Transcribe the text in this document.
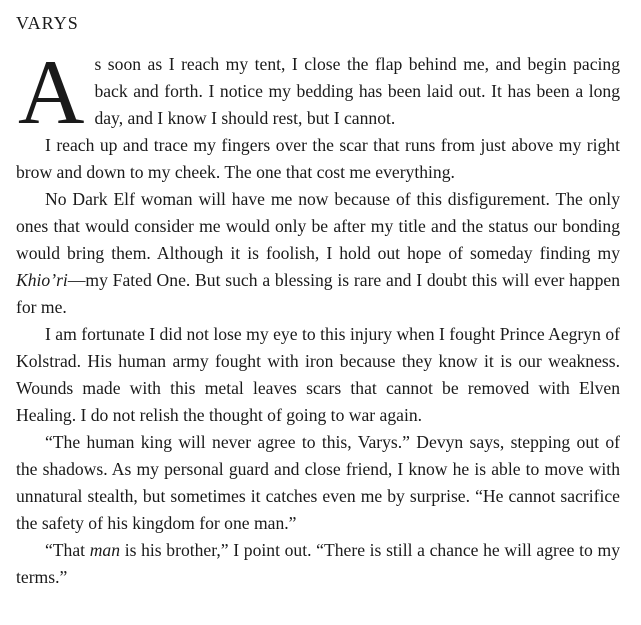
VARYS

As soon as I reach my tent, I close the flap behind me, and begin pacing back and forth. I notice my bedding has been laid out. It has been a long day, and I know I should rest, but I cannot.

I reach up and trace my fingers over the scar that runs from just above my right brow and down to my cheek. The one that cost me everything.

No Dark Elf woman will have me now because of this disfigurement. The only ones that would consider me would only be after my title and the status our bonding would bring them. Although it is foolish, I hold out hope of someday finding my Khio’ri—my Fated One. But such a blessing is rare and I doubt this will ever happen for me.

I am fortunate I did not lose my eye to this injury when I fought Prince Aegryn of Kolstrad. His human army fought with iron because they know it is our weakness. Wounds made with this metal leaves scars that cannot be removed with Elven Healing. I do not relish the thought of going to war again.

“The human king will never agree to this, Varys.” Devyn says, stepping out of the shadows. As my personal guard and close friend, I know he is able to move with unnatural stealth, but sometimes it catches even me by surprise. “He cannot sacrifice the safety of his kingdom for one man.”

“That man is his brother,” I point out. “There is still a chance he will agree to my terms.”
